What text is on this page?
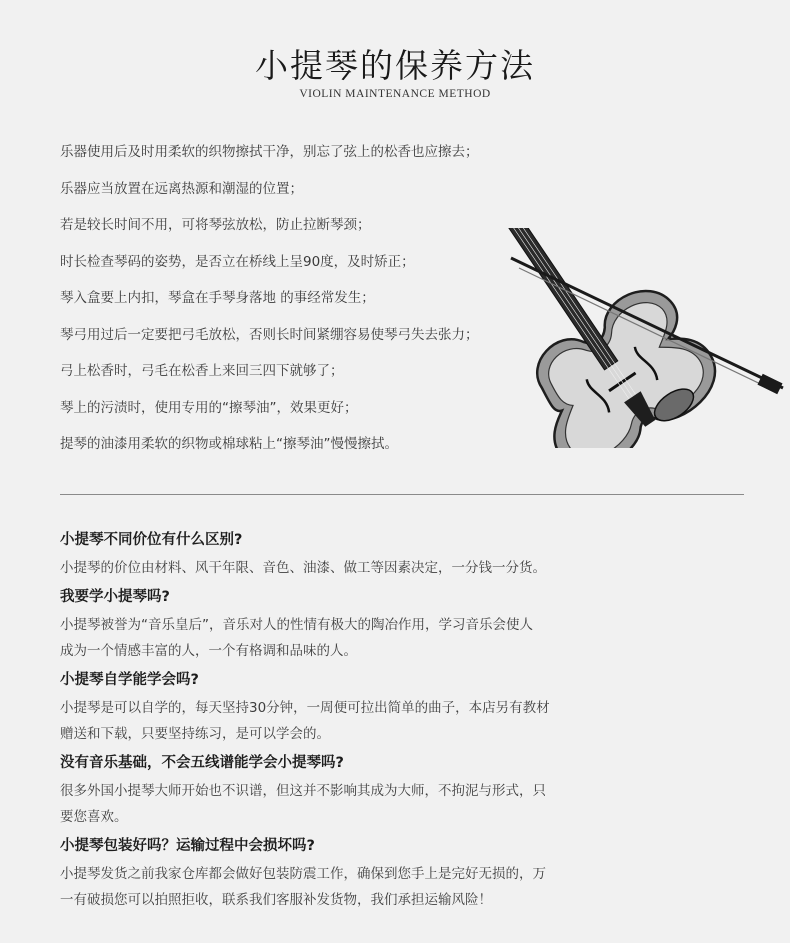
小提琴的保养方法
VIOLIN MAINTENANCE METHOD
乐器使用后及时用柔软的织物擦拭干净，别忘了弦上的松香也应擦去；
乐器应当放置在远离热源和潮湿的位置；
若是较长时间不用，可将琴弦放松，防止拉断琴颈；
时长检查琴码的姿势，是否立在桥线上呈90度，及时矫正；
琴入盒要上内扣，琴盒在手琴身落地 的事经常发生；
琴弓用过后一定要把弓毛放松，否则长时间紧绷容易使琴弓失去张力；
弓上松香时，弓毛在松香上来回三四下就够了；
琴上的污渍时，使用专用的“擦琴油”，效果更好；
提琴的油漆用柔软的织物或棉球粘上“擦琴油”慢慢擦拭。
小提琴不同价位有什么区别?
小提琴的价位由材料、风干年限、音色、油漆、做工等因素决定，一分钱一分货。
我要学小提琴吗?
小提琴被誉为“音乐皇后”，音乐对人的性情有极大的陶冶作用，学习音乐会使人
成为一个情感丰富的人，一个有格调和品味的人。
小提琴自学能学会吗?
小提琴是可以自学的，每天坚持30分钟，一周便可拉出简单的曲子，本店另有教材
赠送和下载，只要坚持练习，是可以学会的。
没有音乐基础，不会五线谱能学会小提琴吗?
很多外国小提琴大师开始也不识谱，但这并不影响其成为大师，不拘泥与形式，只
要您喜欢。
小提琴包装好吗？运输过程中会损坏吗?
小提琴发货之前我家仓库都会做好包装防震工作，确保到您手上是完好无损的，万
一有破损您可以拍照拒收，联系我们客服补发货物，我们承担运输风险！
